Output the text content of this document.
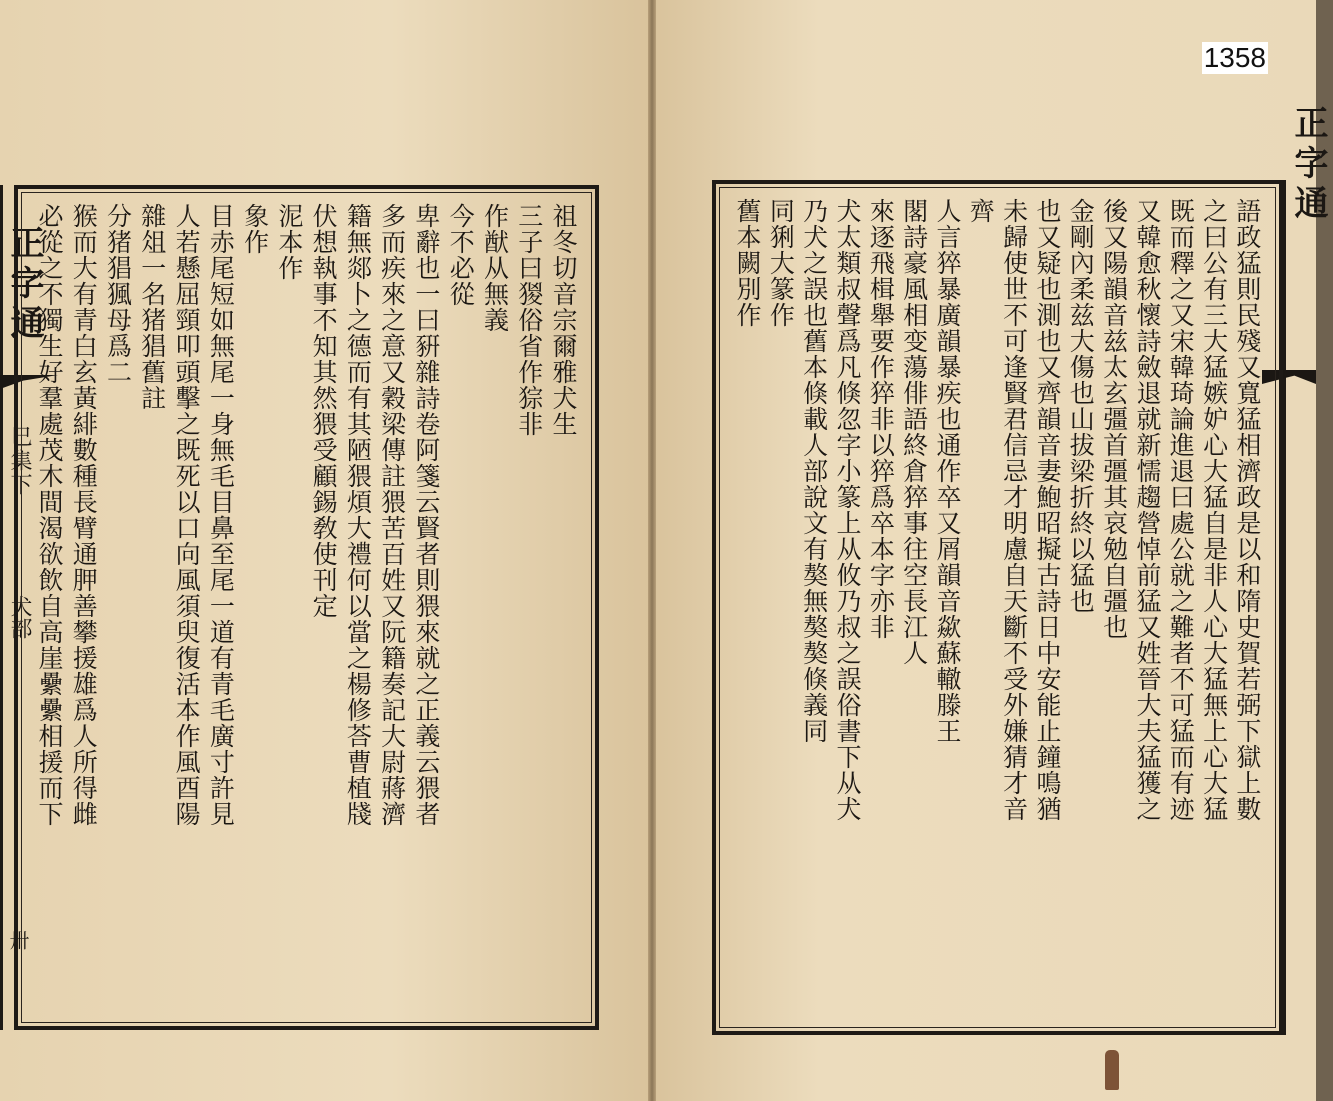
正字通
巳集下
犬部
卅
祖冬切音宗爾雅犬生
三子曰猣俗省作猔非
作猷从無義
今不必從
卑辭也一曰豣雜詩卷阿箋云賢者則猥來就之正義云猥者
多而疾來之意又穀梁傳註猥苦百姓又阮籍奏記大尉蔣濟
籍無郯卜之德而有其陋猥煩大禮何以當之楊修荅曹植牋
伏想執事不知其然猥受顧錫敎使刊定
泥本作
象作
目赤尾短如無尾一身無毛目鼻至尾一道有青毛廣寸許見
人若懸屈頸叩頭擊之既死以口向風須臾復活本作風酉陽
雜俎一名猪猖舊註
分猪猖猦母爲二
猴而大有青白玄黃緋數種長臂通胛善攀援雄爲人所得雌
必從之不獨生好羣處茂木間渴欲飲自高崖纍纍相援而下
正字通
語政猛則民殘又寬猛相濟政是以和隋史賀若弼下獄上數
之曰公有三大猛嫉妒心大猛自是非人心大猛無上心大猛
既而釋之又宋韓琦論進退曰處公就之難者不可猛而有迹
又韓愈秋懷詩斂退就新懦趨營悼前猛又姓晉大夫猛獲之
後又陽韻音兹太玄彊首彊其哀勉自彊也
金剛內柔兹大傷也山拔梁折終以猛也
也又疑也測也又齊韻音妻鮑昭擬古詩日中安能止鐘鳴猶
未歸使世不可逢賢君信忌才明慮自天斷不受外嫌猜才音
齊
人言猝暴廣韻暴疾也通作卒又屑韻音歘蘇轍滕王
閣詩豪風相变蕩俳語終倉猝事往空長江人
來逐飛楫舉要作猝非以猝爲卒本字亦非
犬太類叔聲爲凡倏忽字小篆上从攸乃叔之誤俗書下从犬
乃犬之誤也舊本倏載人部說文有獒無獒獒倏義同
同猁大篆作
舊本闕別作
1358
